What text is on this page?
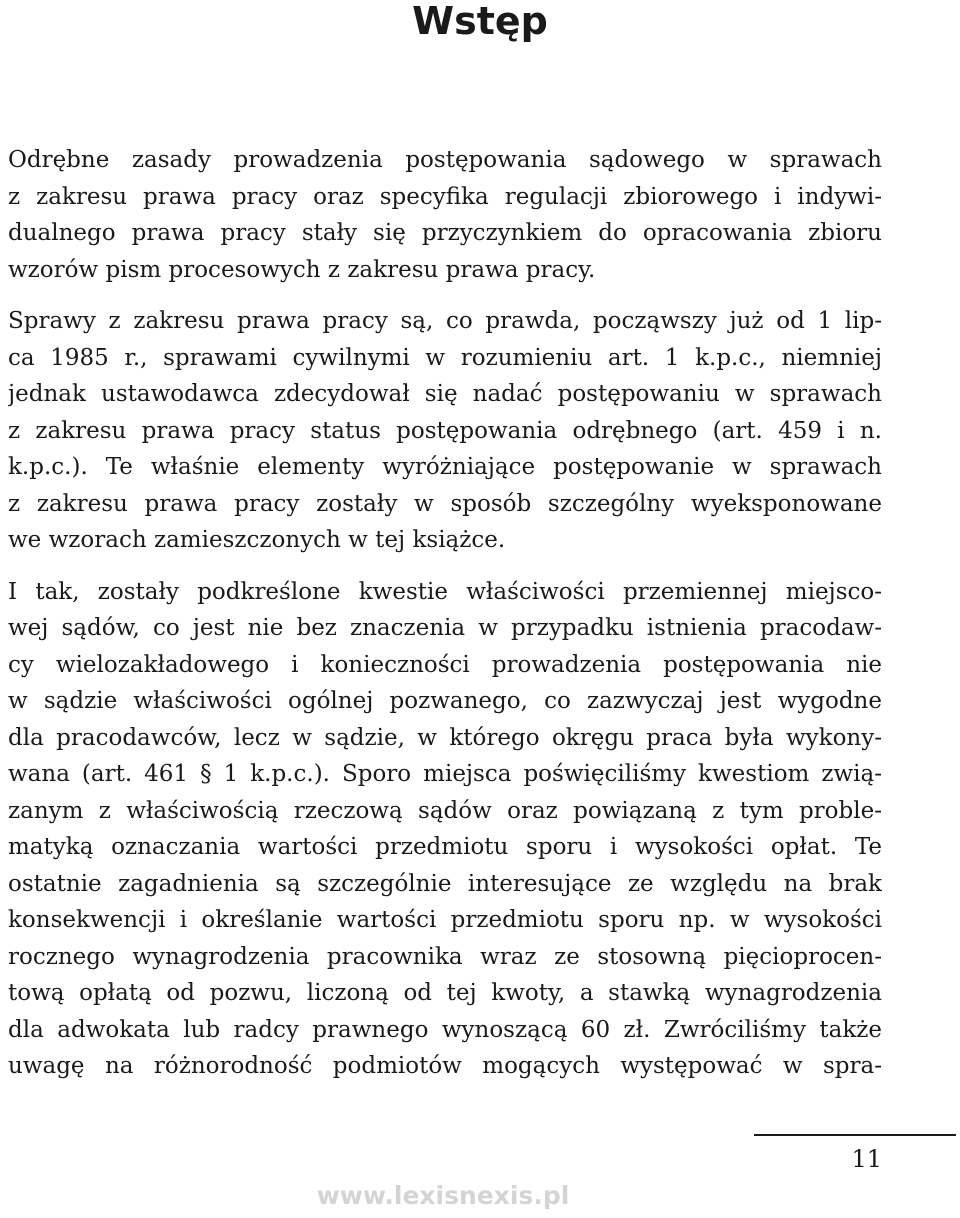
Wstęp

Odrębne zasady prowadzenia postępowania sądowego w sprawach
z zakresu prawa pracy oraz specyfika regulacji zbiorowego i indywi-
dualnego prawa pracy stały się przyczynkiem do opracowania zbioru
wzorów pism procesowych z zakresu prawa pracy.

Sprawy z zakresu prawa pracy są, co prawda, począwszy już od 1 lip-
ca 1985 r., sprawami cywilnymi w rozumieniu art. 1 k.p.c., niemniej
jednak ustawodawca zdecydował się nadać postępowaniu w sprawach
z zakresu prawa pracy status postępowania odrębnego (art. 459 i n.
k.p.c.). Te właśnie elementy wyróżniające postępowanie w sprawach
z zakresu prawa pracy zostały w sposób szczególny wyeksponowane
we wzorach zamieszczonych w tej książce.

I tak, zostały podkreślone kwestie właściwości przemiennej miejsco-
wej sądów, co jest nie bez znaczenia w przypadku istnienia pracodaw-
cy wielozakładowego i konieczności prowadzenia postępowania nie
w sądzie właściwości ogólnej pozwanego, co zazwyczaj jest wygodne
dla pracodawców, lecz w sądzie, w którego okręgu praca była wykony-
wana (art. 461 § 1 k.p.c.). Sporo miejsca poświęciliśmy kwestiom zwią-
zanym z właściwością rzeczową sądów oraz powiązaną z tym proble-
matyką oznaczania wartości przedmiotu sporu i wysokości opłat. Te
ostatnie zagadnienia są szczególnie interesujące ze względu na brak
konsekwencji i określanie wartości przedmiotu sporu np. w wysokości
rocznego wynagrodzenia pracownika wraz ze stosowną pięcioprocen-
tową opłatą od pozwu, liczoną od tej kwoty, a stawką wynagrodzenia
dla adwokata lub radcy prawnego wynoszącą 60 zł. Zwróciliśmy także
uwagę na różnorodność podmiotów mogących występować w spra-

11
www.lexisnexis.pl
